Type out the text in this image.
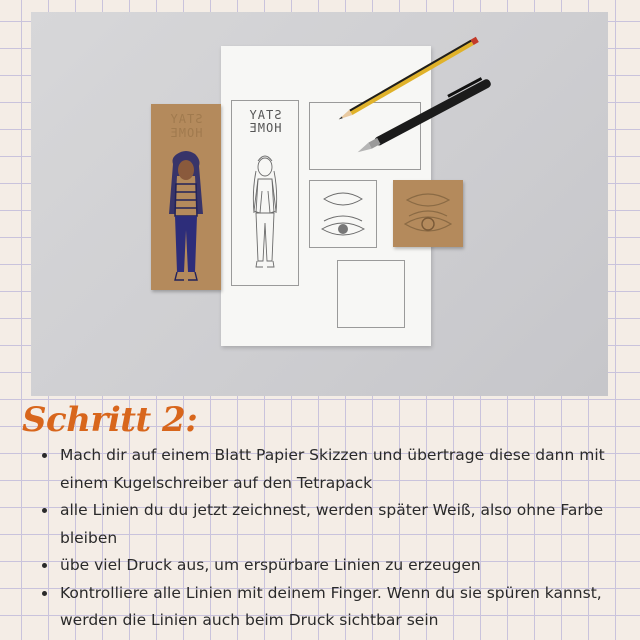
STAY
HOME
STAY
HOME
Schritt 2:
• Mach dir auf einem Blatt Papier Skizzen und übertrage diese dann mit einem Kugelschreiber auf den Tetrapack
• alle Linien du du jetzt zeichnest, werden später Weiß, also ohne Farbe bleiben
• übe viel Druck aus, um erspürbare Linien zu erzeugen
• Kontrolliere alle Linien mit deinem Finger. Wenn du sie spüren kannst, werden die Linien auch beim Druck sichtbar sein
